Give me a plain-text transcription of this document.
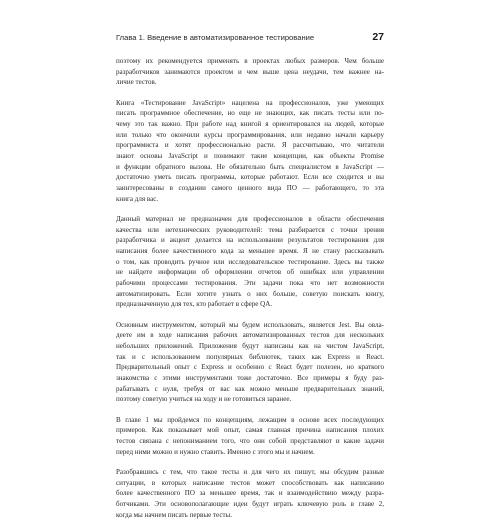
Глава 1. Введение в автоматизированное тестирование	27
поэтому их рекомендуется применять в проектах любых размеров. Чем больше
разработчиков занимаются проектом и чем выше цена неудачи, тем важнее на-
личие тестов.
Книга «Тестирование JavaScript» нацелена на профессионалов, уже умеющих
писать программное обеспечение, но еще не знающих, как писать тесты или по-
чему это так важно. При работе над книгой я ориентировался на людей, которые
или только что окончили курсы программирования, или недавно начали карьеру
программиста и хотят профессионально расти. Я рассчитываю, что читатели
знают основы JavaScript и понимают такие концепции, как объекты Promise
и функции обратного вызова. Не обязательно быть специалистом в JavaScript —
достаточно уметь писать программы, которые работают. Если все сходится и вы
заинтересованы в создании самого ценного вида ПО — работающего, то эта
книга для вас.
Данный материал не предназначен для профессионалов в области обеспечения
качества или нетехнических руководителей: тема разбирается с точки зрения
разработчика и акцент делается на использовании результатов тестирования для
написания более качественного кода за меньшее время. Я не стану рассказывать
о том, как проводить ручное или исследовательское тестирование. Здесь вы также
не найдете информации об оформлении отчетов об ошибках или управлении
рабочими процессами тестирования. Эти задачи пока что нет возможности
автоматизировать. Если хотите узнать о них больше, советую поискать книгу,
предназначенную для тех, кто работает в сфере QA.
Основным инструментом, который мы будем использовать, является Jest. Вы овла-
деете им в ходе написания рабочих автоматизированных тестов для нескольких
небольших приложений. Приложения будут написаны как на чистом JavaScript,
так и с использованием популярных библиотек, таких как Express и React.
Предварительный опыт с Express и особенно с React будет полезен, но краткого
знакомства с этими инструментами тоже достаточно. Все примеры я буду раз-
рабатывать с нуля, требуя от вас как можно меньше предварительных знаний,
поэтому советую учиться на ходу и не готовиться заранее.
В главе 1 мы пройдемся по концепциям, лежащим в основе всех последующих
примеров. Как показывает мой опыт, самая главная причина написания плохих
тестов связана с непониманием того, что они собой представляют и какие задачи
перед ними можно и нужно ставить. Именно с этого мы и начнем.
Разобравшись с тем, что такое тесты и для чего их пишут, мы обсудим разные
ситуации, в которых написание тестов может способствовать как написанию
более качественного ПО за меньшее время, так и взаимодействию между разра-
ботчиками. Эти основополагающие идеи будут играть ключевую роль в главе 2,
когда мы начнем писать первые тесты.
